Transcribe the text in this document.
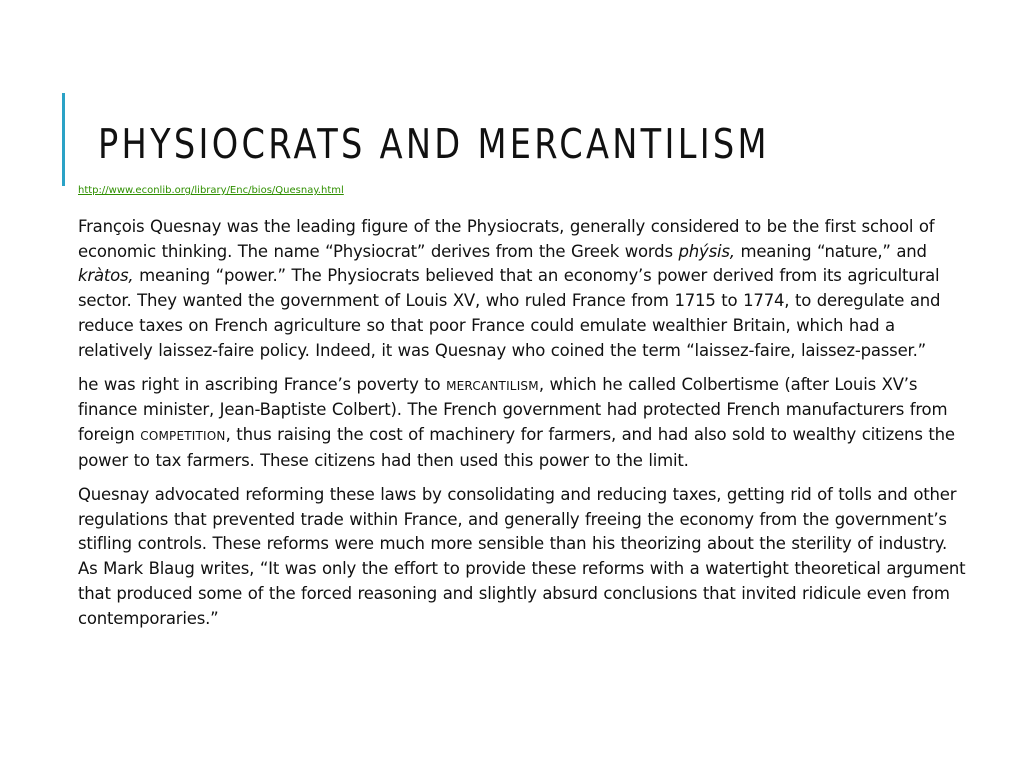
PHYSIOCRATS AND MERCANTILISM
http://www.econlib.org/library/Enc/bios/Quesnay.html

François Quesnay was the leading figure of the Physiocrats, generally considered to be the first school of economic thinking. The name “Physiocrat” derives from the Greek words phýsis, meaning “nature,” and kràtos, meaning “power.” The Physiocrats believed that an economy’s power derived from its agricultural sector. They wanted the government of Louis XV, who ruled France from 1715 to 1774, to deregulate and reduce taxes on French agriculture so that poor France could emulate wealthier Britain, which had a relatively laissez-faire policy. Indeed, it was Quesnay who coined the term “laissez-faire, laissez-passer.”

he was right in ascribing France’s poverty to MERCANTILISM, which he called Colbertisme (after Louis XV’s finance minister, Jean-Baptiste Colbert). The French government had protected French manufacturers from foreign COMPETITION, thus raising the cost of machinery for farmers, and had also sold to wealthy citizens the power to tax farmers. These citizens had then used this power to the limit.

Quesnay advocated reforming these laws by consolidating and reducing taxes, getting rid of tolls and other regulations that prevented trade within France, and generally freeing the economy from the government’s stifling controls. These reforms were much more sensible than his theorizing about the sterility of industry. As Mark Blaug writes, “It was only the effort to provide these reforms with a watertight theoretical argument that produced some of the forced reasoning and slightly absurd conclusions that invited ridicule even from contemporaries.”
